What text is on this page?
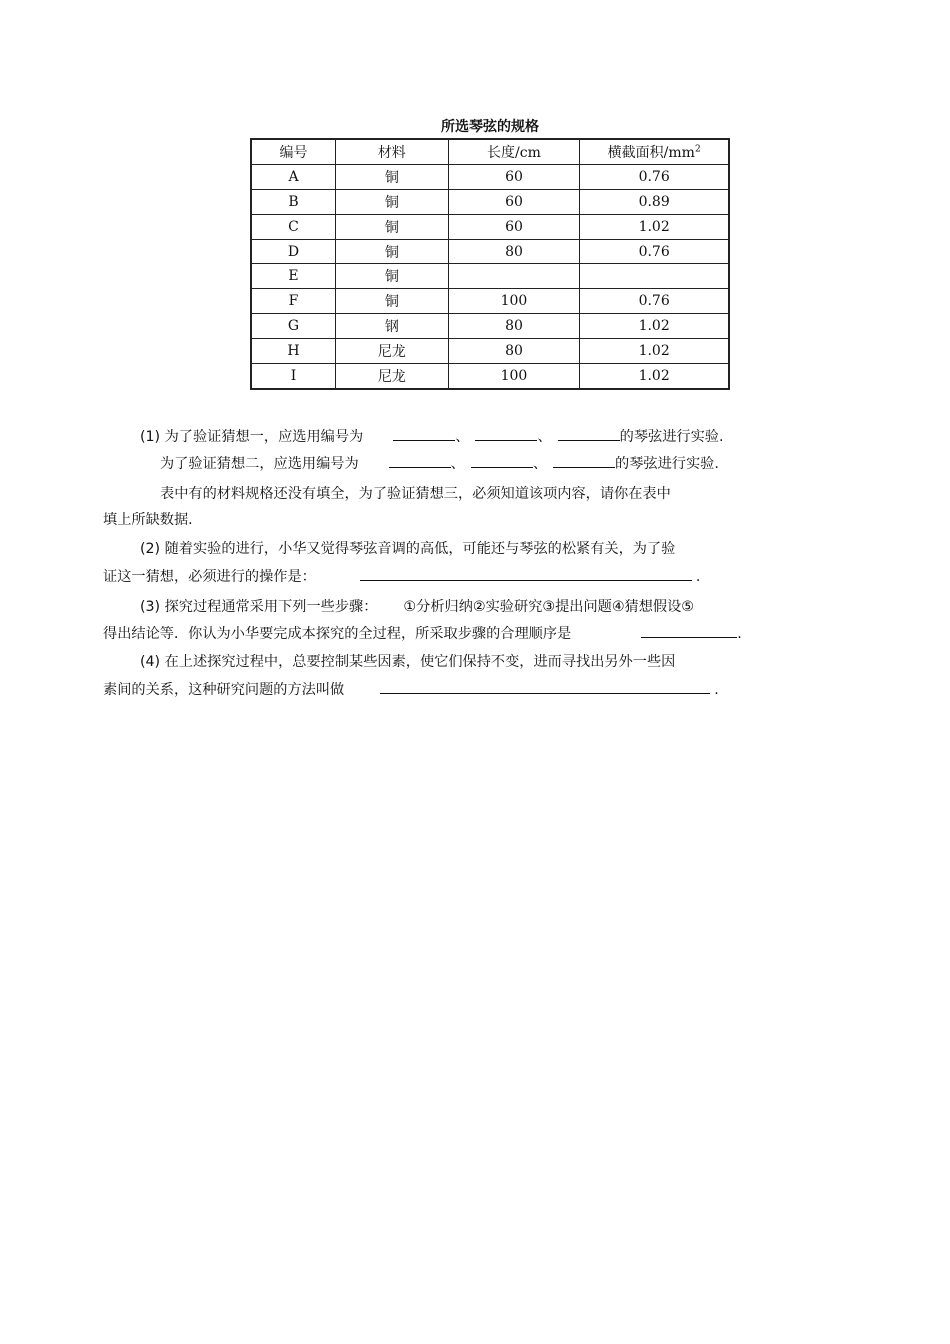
所选琴弦的规格
编号	材料	长度/cm	横截面积$/mm^2$
A	铜	60	0.76
B	铜	60	0.89
C	铜	60	1.02
D	铜	80	0.76
E	铜		
F	铜	100	0.76
G	钢	80	1.02
H	尼龙	80	1.02
I	尼龙	100	1.02
(1) 为了验证猜想一，应选用编号为	、	、	的琴弦进行实验.
为了验证猜想二，应选用编号为	、	、	的琴弦进行实验.
表中有的材料规格还没有填全，为了验证猜想三，必须知道该项内容，请你在表中
填上所缺数据.
(2) 随着实验的进行，小华又觉得琴弦音调的高低，可能还与琴弦的松紧有关，为了验
证这一猜想，必须进行的操作是：	.
(3) 探究过程通常采用下列一些步骤： ①分析归纳②实验研究③提出问题④猜想假设⑤
得出结论等．你认为小华要完成本探究的全过程，所采取步骤的合理顺序是	.
(4) 在上述探究过程中，总要控制某些因素，使它们保持不变，进而寻找出另外一些因
素间的关系，这种研究问题的方法叫做	.
